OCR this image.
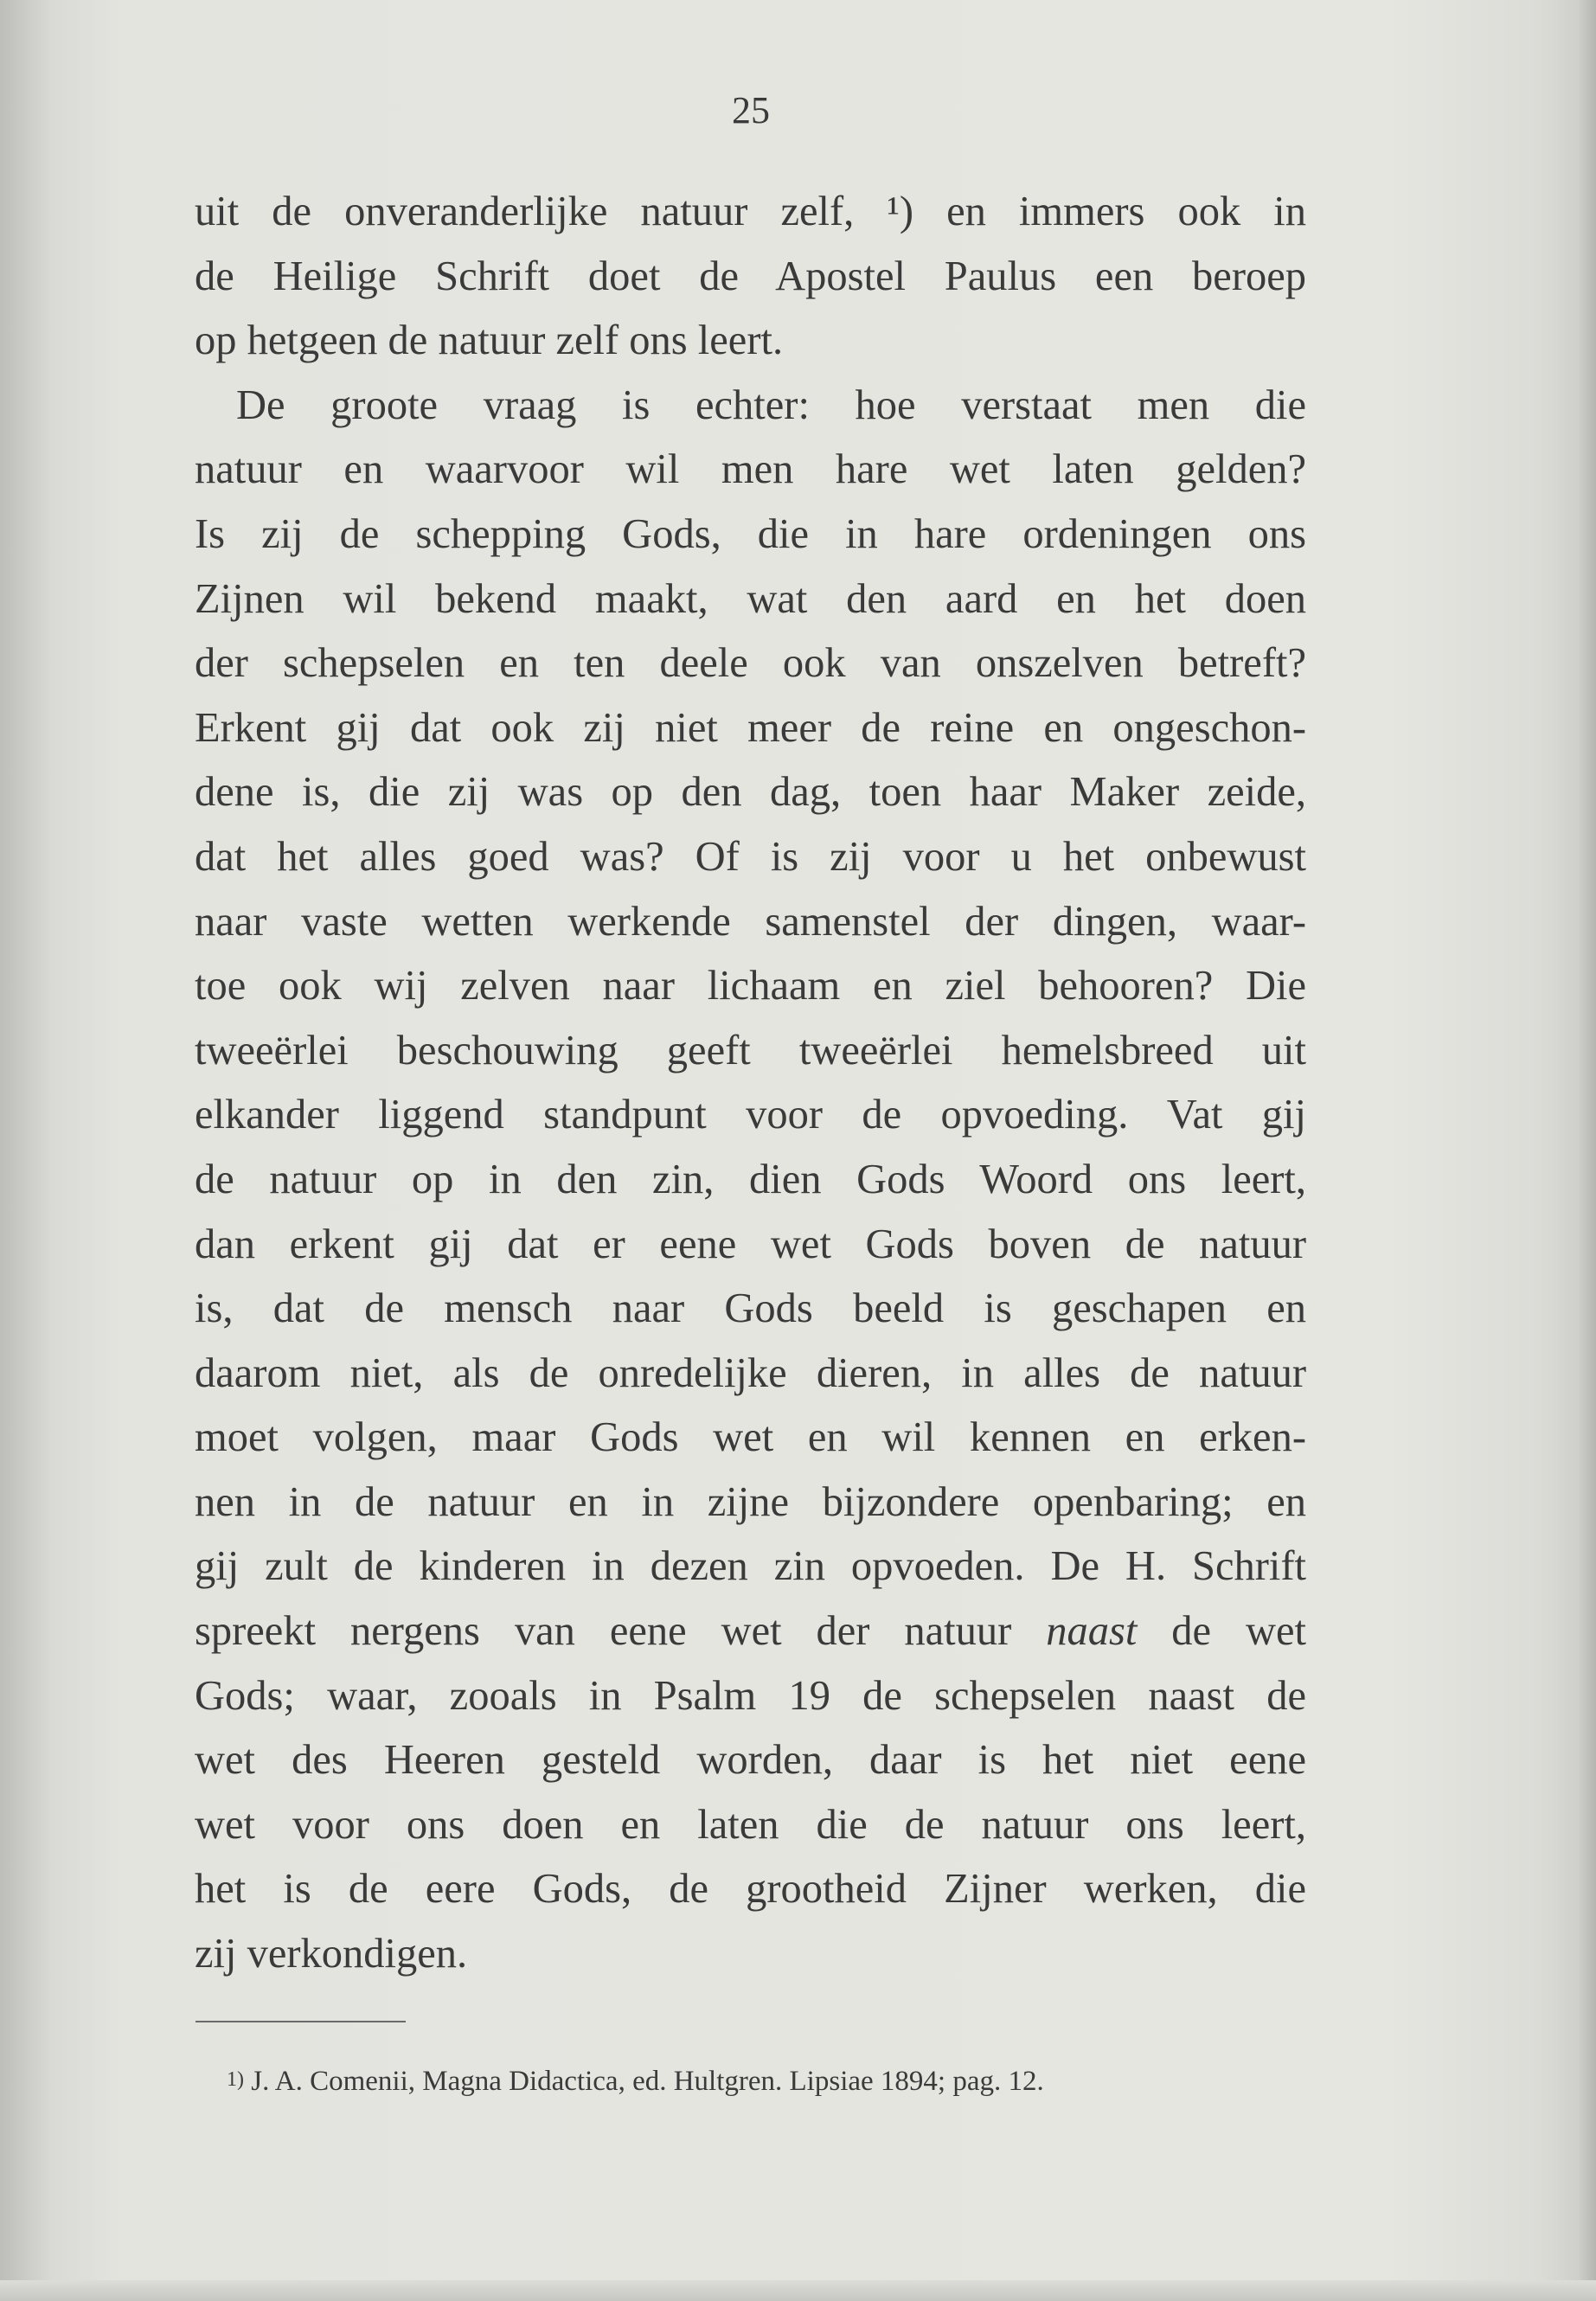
25
uit de onveranderlijke natuur zelf, ¹) en immers ook in
de Heilige Schrift doet de Apostel Paulus een beroep
op hetgeen de natuur zelf ons leert.
De groote vraag is echter: hoe verstaat men die
natuur en waarvoor wil men hare wet laten gelden?
Is zij de schepping Gods, die in hare ordeningen ons
Zijnen wil bekend maakt, wat den aard en het doen
der schepselen en ten deele ook van onszelven betreft?
Erkent gij dat ook zij niet meer de reine en ongeschon-
dene is, die zij was op den dag, toen haar Maker zeide,
dat het alles goed was? Of is zij voor u het onbewust
naar vaste wetten werkende samenstel der dingen, waar-
toe ook wij zelven naar lichaam en ziel behooren? Die
tweeërlei beschouwing geeft tweeërlei hemelsbreed uit
elkander liggend standpunt voor de opvoeding. Vat gij
de natuur op in den zin, dien Gods Woord ons leert,
dan erkent gij dat er eene wet Gods boven de natuur
is, dat de mensch naar Gods beeld is geschapen en
daarom niet, als de onredelijke dieren, in alles de natuur
moet volgen, maar Gods wet en wil kennen en erken-
nen in de natuur en in zijne bijzondere openbaring; en
gij zult de kinderen in dezen zin opvoeden. De H. Schrift
spreekt nergens van eene wet der natuur naast de wet
Gods; waar, zooals in Psalm 19 de schepselen naast de
wet des Heeren gesteld worden, daar is het niet eene
wet voor ons doen en laten die de natuur ons leert,
het is de eere Gods, de grootheid Zijner werken, die
zij verkondigen.
$^{1)}$ J. A. Comenii, Magna Didactica, ed. Hultgren. Lipsiae 1894; pag. 12.
